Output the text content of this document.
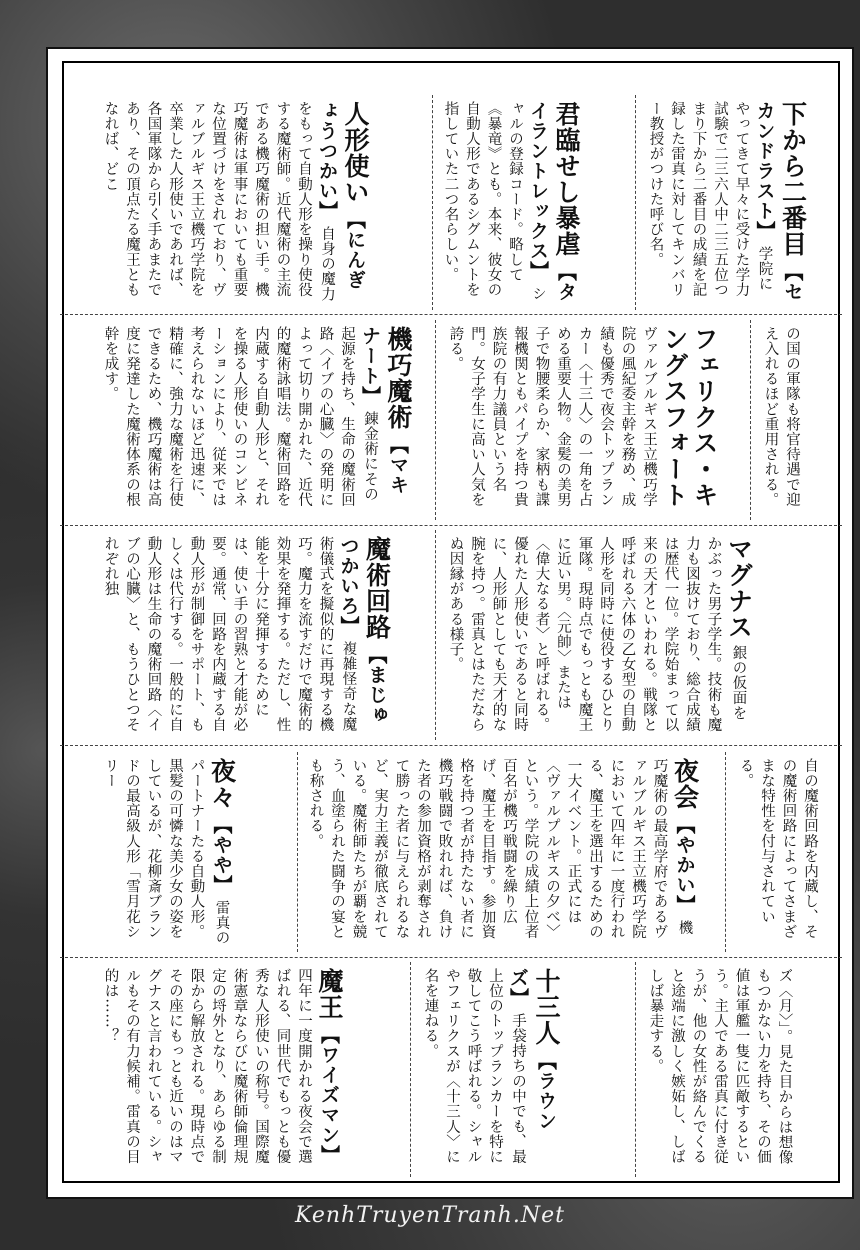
下から二番目 【セカンドラスト】 学院にやってきて早々に受けた学力試験で二三六人中二三五位つまり下から二番目の成績を記録した雷真に対してキンバリー教授がつけた呼び名。
君臨せし暴虐 【タイラントレックス】 シャルの登録コード。略して《暴竜》とも。本来、彼女の自動人形であるシグムントを指していた二つ名らしい。
人形使い 【にんぎょうつかい】 自身の魔力をもって自動人形を操り使役する魔術師。近代魔術の主流である機巧魔術の担い手。機巧魔術は軍事においても重要な位置づけをされており、ヴァルブルギス王立機巧学院を卒業した人形使いであれば、各国軍隊から引く手あまたであり、その頂点たる魔王ともなれば、どこ
の国の軍隊も将官待遇で迎え入れるほど重用される。
フェリクス・キングスフォート ヴァルブルギス王立機巧学院の風紀委主幹を務め、成績も優秀で夜会トップランカー〈十三人〉の一角を占める重要人物。金髪の美男子で物腰柔らか、家柄も諜報機関ともパイプを持つ貴族院の有力議員という名門。女子学生に高い人気を誇る。
機巧魔術 【マキナート】 錬金術にその起源を持ち、生命の魔術回路〈イブの心臓〉の発明によって切り開かれた、近代的魔術詠唱法。魔術回路を内蔵する自動人形と、それを操る人形使いのコンビネーションにより、従来では考えられないほど迅速に、精確に、強力な魔術を行使できるため、機巧魔術は高度に発達した魔術体系の根幹を成す。
マグナス 銀の仮面をかぶった男子学生。技術も魔力も図抜けており、総合成績は歴代一位。学院始まって以来の天才といわれる。戦隊と呼ばれる六体の乙女型の自動人形を同時に使役するひとり軍隊。現時点でもっとも魔王に近い男。〈元帥〉または〈偉大なる者〉と呼ばれる。優れた人形使いであると同時に、人形師としても天才的な腕を持つ。雷真とはただならぬ因縁がある様子。
魔術回路 【まじゅつかいろ】 複雑怪奇な魔術儀式を擬似的に再現する機巧。魔力を流すだけで魔術的効果を発揮する。ただし、性能を十分に発揮するためには、使い手の習熟と才能が必要。通常、回路を内蔵する自動人形が制御をサポート、もしくは代行する。一般的に自動人形は生命の魔術回路〈イブの心臓〉と、もうひとつそれぞれ独
自の魔術回路を内蔵し、その魔術回路によってさまざまな特性を付与されている。
夜会 【やかい】 機巧魔術の最高学府であるヴァルブルギス王立機巧学院において四年に一度行われる、魔王を選出するための一大イベント。正式には〈ヴァルプルギスの夕べ〉という。学院の成績上位者百名が機巧戦闘を繰り広げ、魔王を目指す。参加資格を持つ者が持たない者に機巧戦闘で敗れれば、負けた者の参加資格が剥奪されて勝った者に与えられるなど、実力主義が徹底されている。魔術師たちが覇を競う、血塗られた闘争の宴とも称される。
夜々 【やや】 雷真のパートナーたる自動人形。黒髪の可憐な美少女の姿をしているが、花柳斎ブランドの最高級人形「雪月花シリー
ズ〈月〉」。見た目からは想像もつかない力を持ち、その価値は軍艦一隻に匹敵するという。主人である雷真に付き従うが、他の女性が絡んでくると途端に激しく嫉妬し、しばしば暴走する。
十三人 【ラウンズ】 手袋持ちの中でも、最上位のトップランカーを特に敬してこう呼ばれる。シャルやフェリクスが〈十三人〉に名を連ねる。
魔王 【ワイズマン】 四年に一度開かれる夜会で選ばれる、同世代でもっとも優秀な人形使いの称号。国際魔術憲章ならびに魔術師倫理規定の埒外となり、あらゆる制限から解放される。現時点でその座にもっとも近いのはマグナスと言われている。シャルもその有力候補。雷真の目的は……？
KenhTruyenTranh.Net
